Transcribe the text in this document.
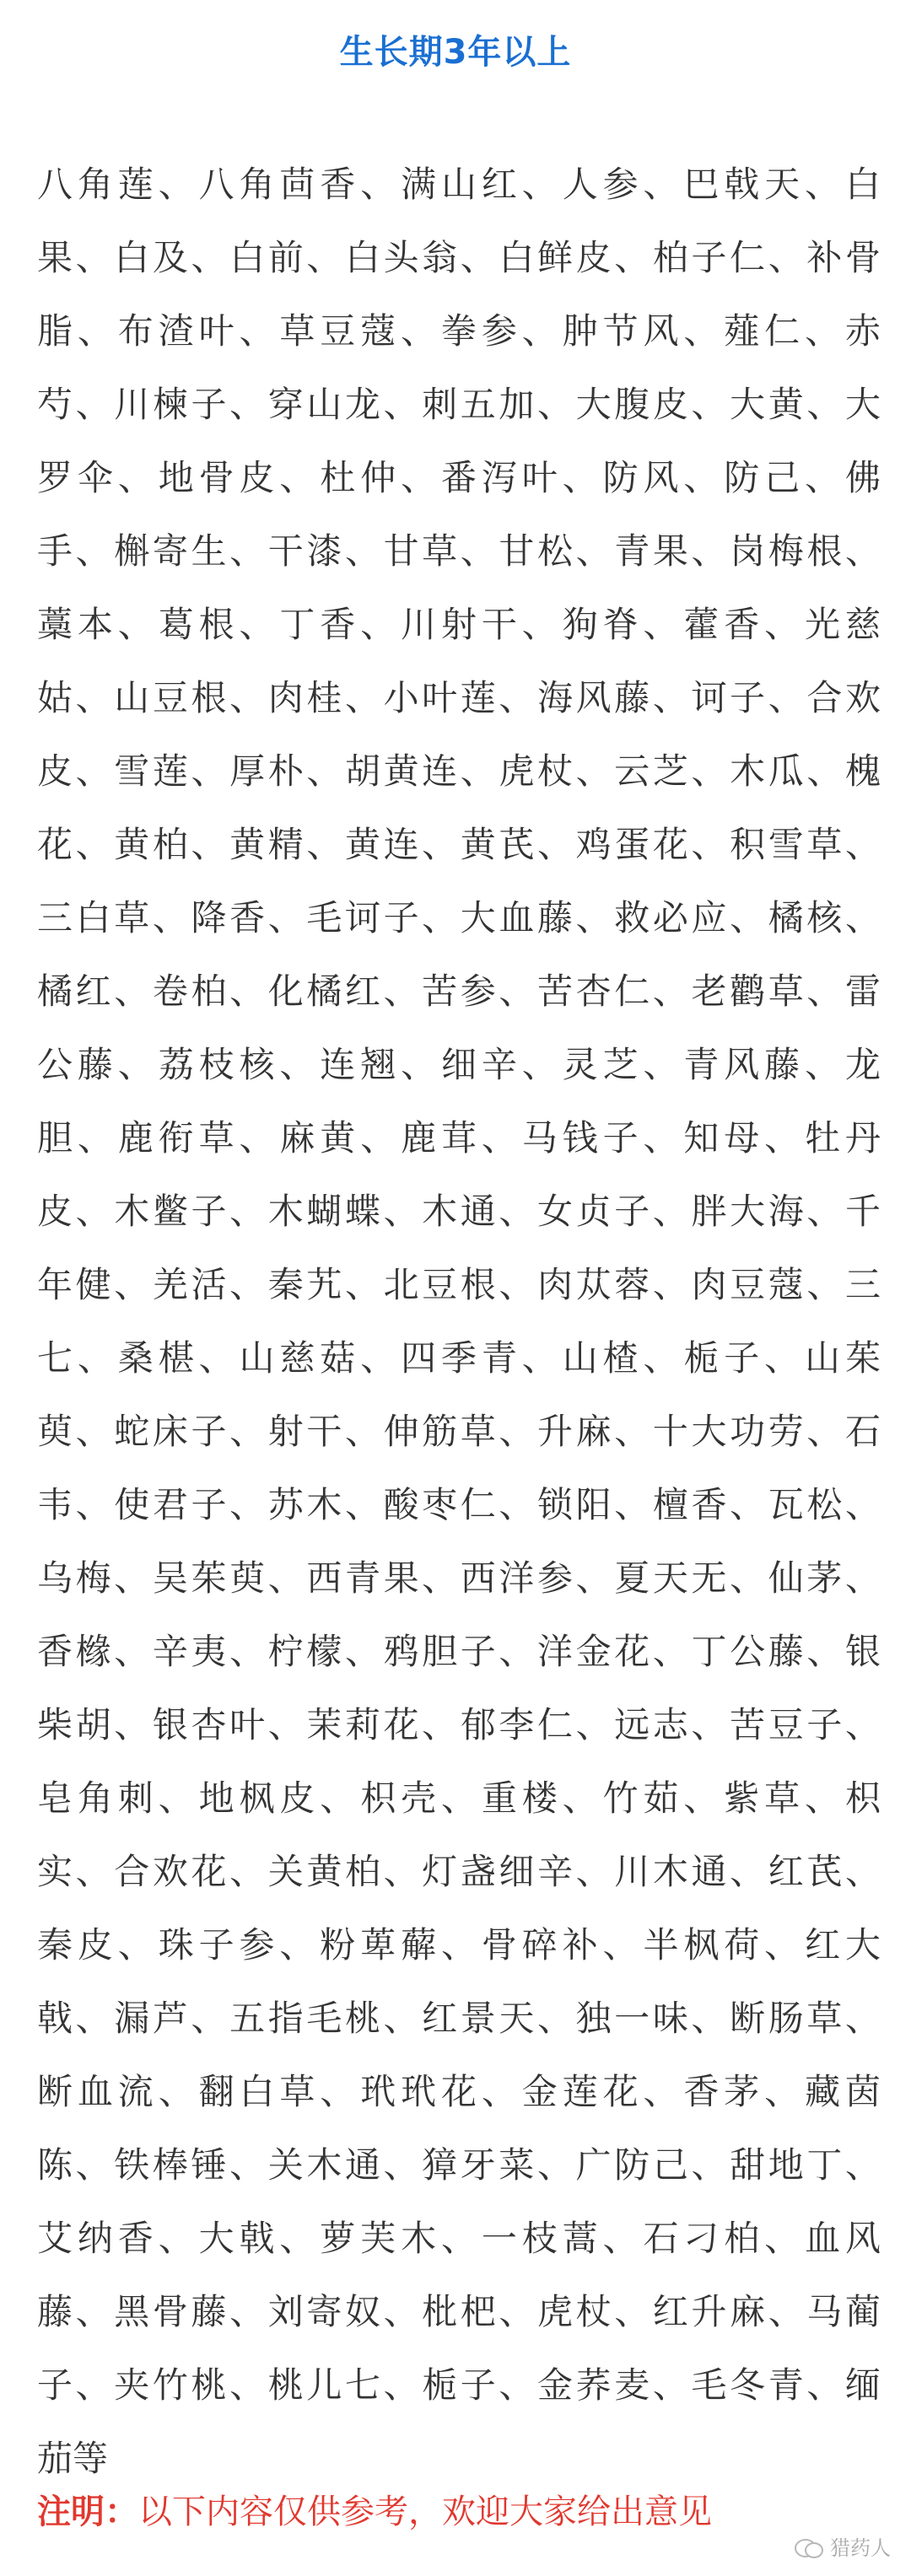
生长期3年以上
八角莲、八角茴香、满山红、人参、巴戟天、白
果、白及、白前、白头翁、白鲜皮、柏子仁、补骨
脂、布渣叶、草豆蔻、拳参、肿节风、薤仁、赤
芍、川楝子、穿山龙、刺五加、大腹皮、大黄、大
罗伞、地骨皮、杜仲、番泻叶、防风、防己、佛
手、槲寄生、干漆、甘草、甘松、青果、岗梅根、
藁本、葛根、丁香、川射干、狗脊、藿香、光慈
姑、山豆根、肉桂、小叶莲、海风藤、诃子、合欢
皮、雪莲、厚朴、胡黄连、虎杖、云芝、木瓜、槐
花、黄柏、黄精、黄连、黄芪、鸡蛋花、积雪草、
三白草、降香、毛诃子、大血藤、救必应、橘核、
橘红、卷柏、化橘红、苦参、苦杏仁、老鹳草、雷
公藤、荔枝核、连翘、细辛、灵芝、青风藤、龙
胆、鹿衔草、麻黄、鹿茸、马钱子、知母、牡丹
皮、木鳖子、木蝴蝶、木通、女贞子、胖大海、千
年健、羌活、秦艽、北豆根、肉苁蓉、肉豆蔻、三
七、桑椹、山慈菇、四季青、山楂、栀子、山茱
萸、蛇床子、射干、伸筋草、升麻、十大功劳、石
韦、使君子、苏木、酸枣仁、锁阳、檀香、瓦松、
乌梅、吴茱萸、西青果、西洋参、夏天无、仙茅、
香橼、辛夷、柠檬、鸦胆子、洋金花、丁公藤、银
柴胡、银杏叶、茉莉花、郁李仁、远志、苦豆子、
皂角刺、地枫皮、枳壳、重楼、竹茹、紫草、枳
实、合欢花、关黄柏、灯盏细辛、川木通、红芪、
秦皮、珠子参、粉萆薢、骨碎补、半枫荷、红大
戟、漏芦、五指毛桃、红景天、独一味、断肠草、
断血流、翻白草、玳玳花、金莲花、香茅、藏茵
陈、铁棒锤、关木通、獐牙菜、广防己、甜地丁、
艾纳香、大戟、萝芙木、一枝蒿、石刁柏、血风
藤、黑骨藤、刘寄奴、枇杷、虎杖、红升麻、马蔺
子、夹竹桃、桃儿七、栀子、金荞麦、毛冬青、缅
茄等
注明：以下内容仅供参考，欢迎大家给出意见
猎药人
